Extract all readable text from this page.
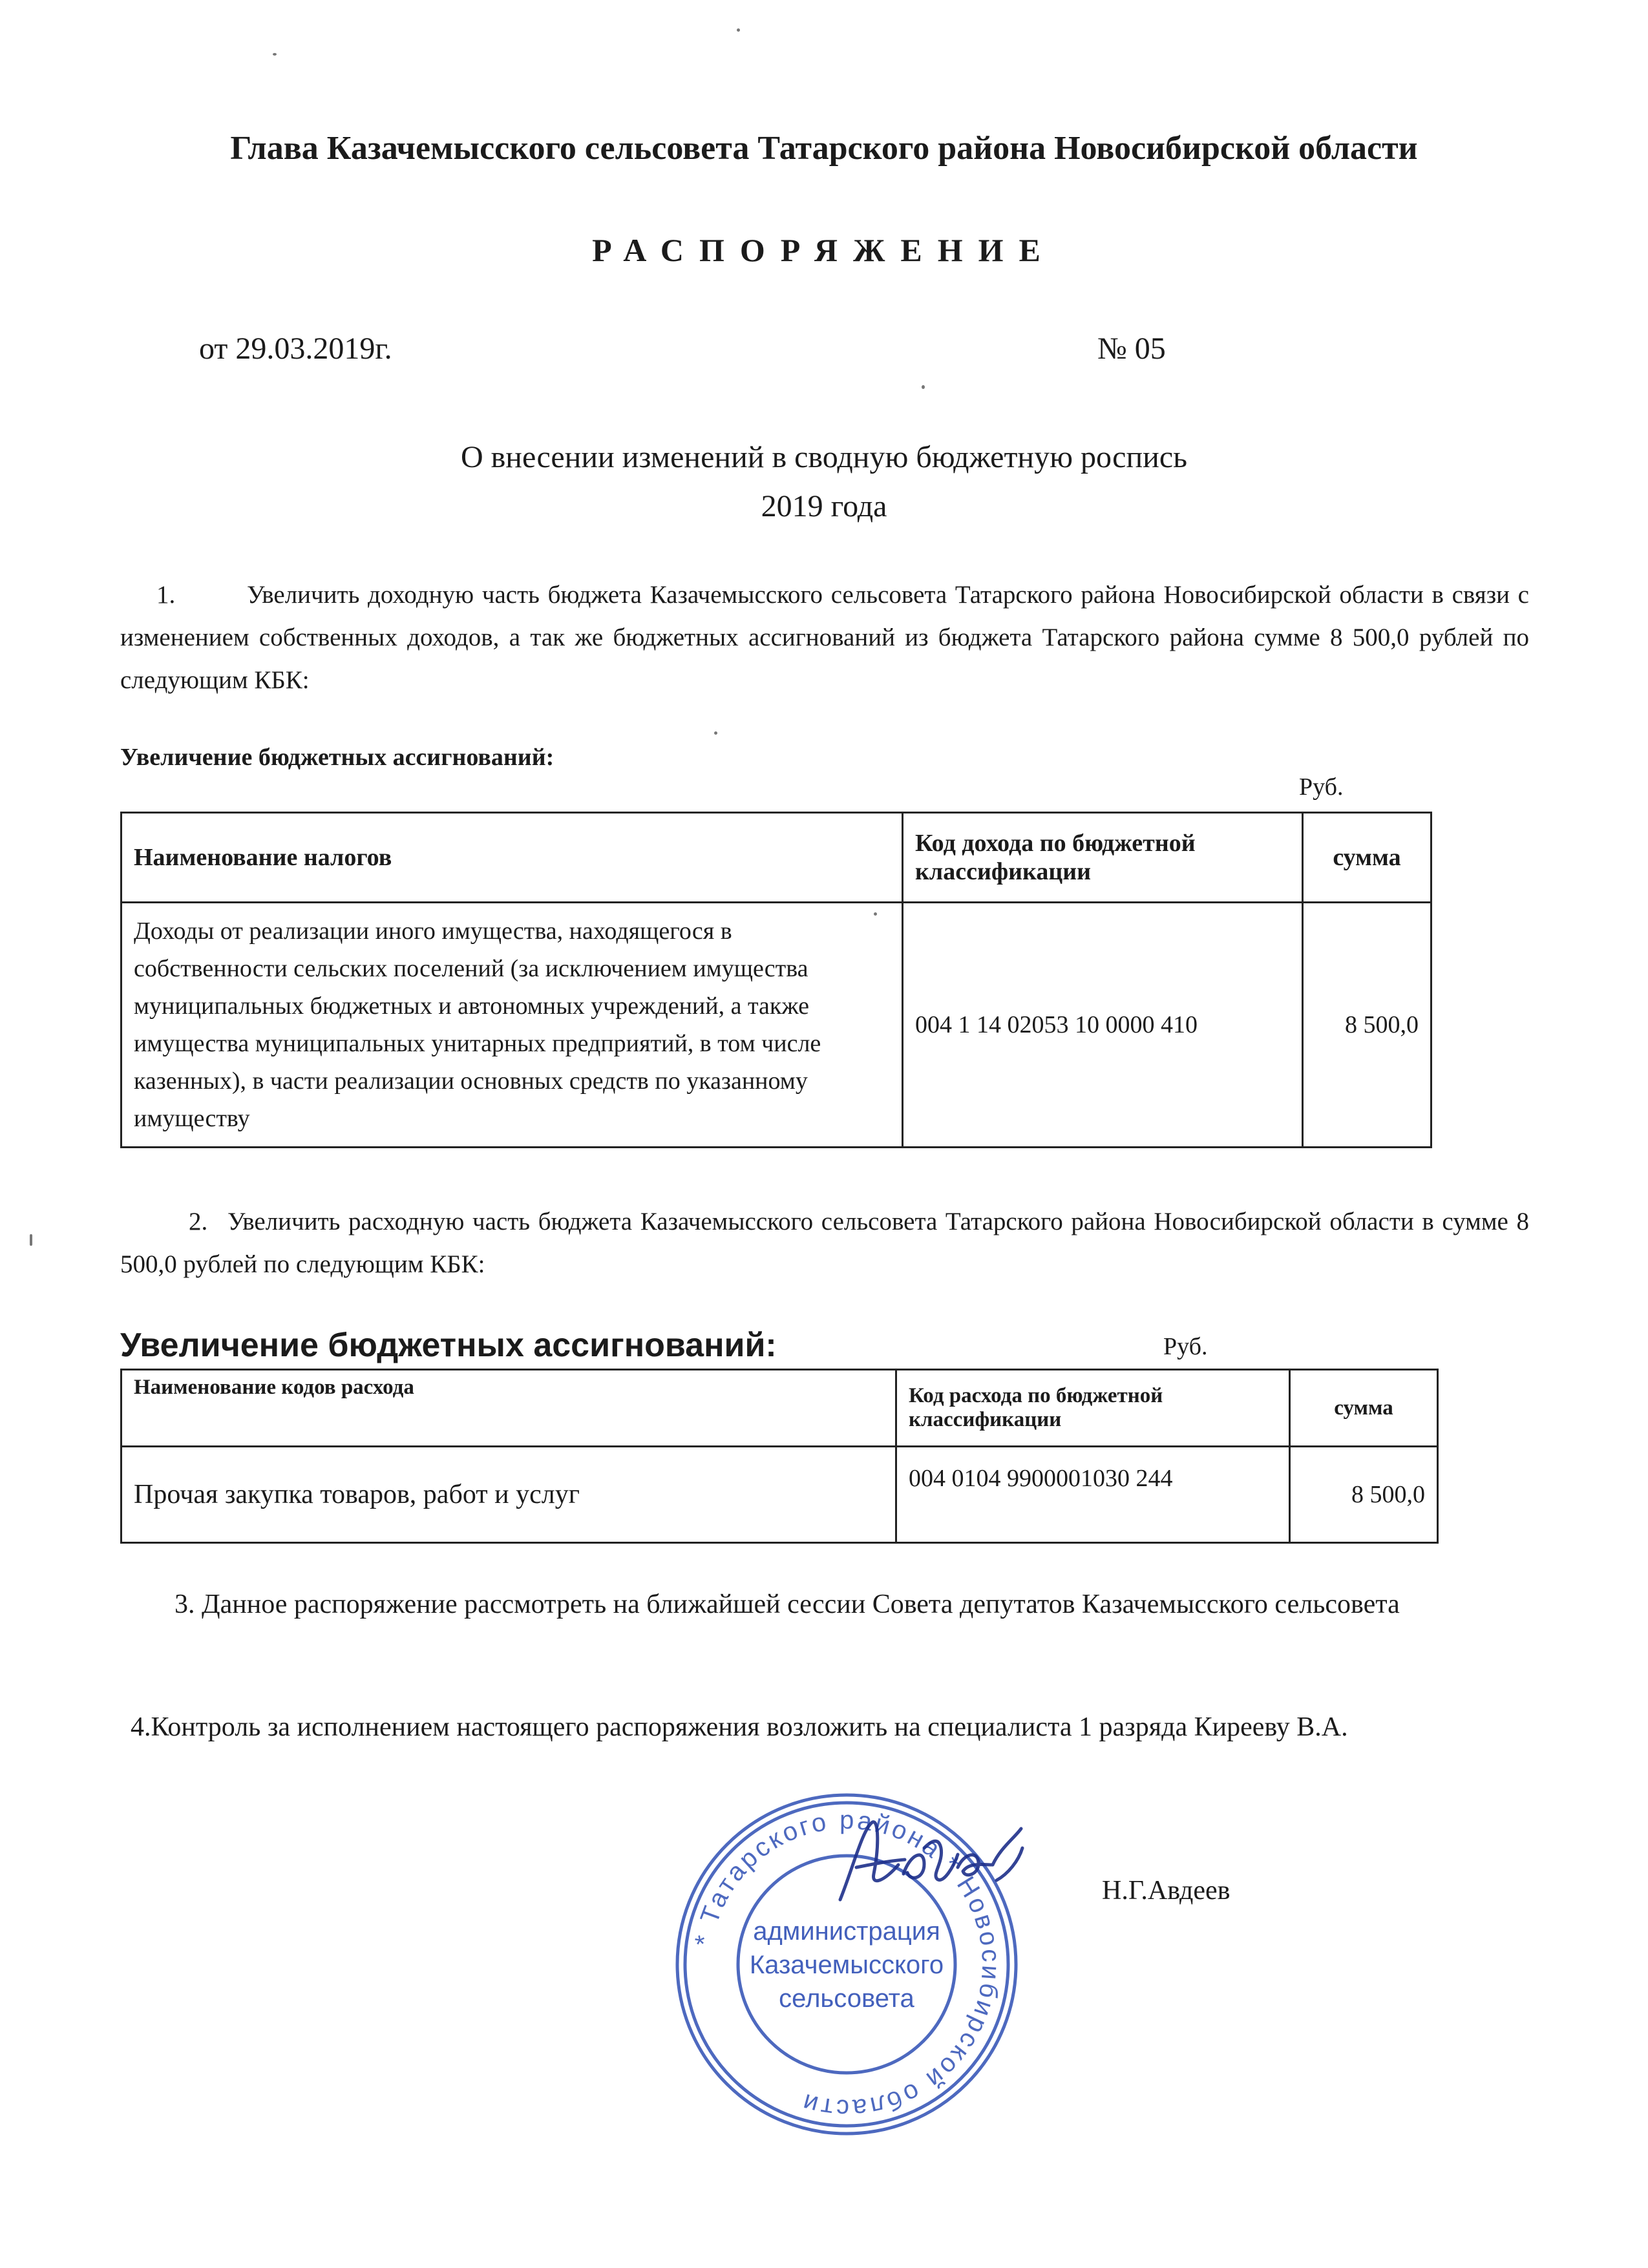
Глава Казачемысского сельсовета Татарского района Новосибирской области
РАСПОРЯЖЕНИЕ
от 29.03.2019г.	№ 05
О внесении изменений в сводную бюджетную роспись
2019 года
1.	Увеличить доходную часть бюджета Казачемысского сельсовета Татарского района Новосибирской области в связи с изменением собственных доходов, а так же бюджетных ассигнований из бюджета Татарского района сумме 8 500,0 рублей по следующим КБК:
Увеличение бюджетных ассигнований:
Руб.
Наименование налогов	Код дохода по бюджетной классификации	сумма
Доходы от реализации иного имущества, находящегося в собственности сельских поселений (за исключением имущества муниципальных бюджетных и автономных учреждений, а также имущества муниципальных унитарных предприятий, в том числе казенных), в части реализации основных средств по указанному имуществу	004 1 14 02053 10 0000 410	8 500,0
2. Увеличить расходную часть бюджета Казачемысского сельсовета Татарского района Новосибирской области в сумме 8 500,0 рублей по следующим КБК:
Увеличение бюджетных ассигнований:	Руб.
Наименование кодов расхода	Код расхода по бюджетной классификации	сумма
Прочая закупка товаров, работ и услуг	004 0104 9900001030 244	8 500,0
3. Данное распоряжение рассмотреть на ближайшей сессии Совета депутатов Казачемысского сельсовета
4.Контроль за исполнением настоящего распоряжения возложить на специалиста 1 разряда Кирееву В.А.
* Татарского района * Новосибирской области
администрация
Казачемысского
сельсовета
Н.Г.Авдеев
